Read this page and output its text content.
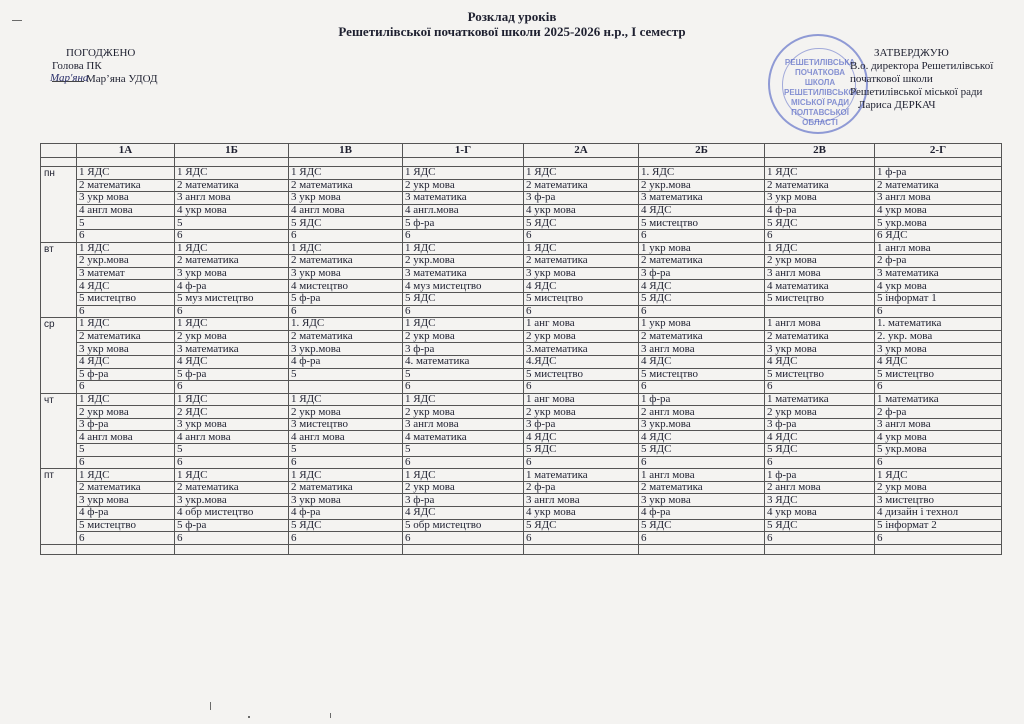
Розклад уроків
Решетилівської початкової школи 2025-2026 н.р., І семестр
ПОГОДЖЕНО
Голова ПК
Мар'яна
Мар’яна УДОД
РЕШЕТИЛІВСЬКА
ПОЧАТКОВА ШКОЛА
РЕШЕТИЛІВСЬКОЇ
МІСЬКОЇ РАДИ
ПОЛТАВСЬКОЇ
ОБЛАСТІ
ЗАТВЕРДЖУЮ
В.о. директора Решетилівської
початкової школи
Решетилівської міської ради
Лариса ДЕРКАЧ
	1А	1Б	1В	1-Г	2А	2Б	2В	2-Г

пн	1 ЯДС	1 ЯДС	1 ЯДС	1 ЯДС	1 ЯДС	1. ЯДС	1 ЯДС	1 ф-ра
	2 математика	2 математика	2 математика	2 укр мова	2 математика	2 укр.мова	2 математика	2 математика
	3 укр мова	3 англ мова	3 укр мова	3 математика	3 ф-ра	3 математика	3 укр мова	3 англ мова
	4 англ мова	4 укр мова	4 англ мова	4 англ.мова	4 укр мова	4 ЯДС	4 ф-ра	4 укр мова
	5	5	5 ЯДС	5 ф-ра	5 ЯДС	5 мистецтво	5 ЯДС	5 укр.мова
	6	6	6	6	6	6	6	6 ЯДС
вт	1 ЯДС	1 ЯДС	1 ЯДС	1 ЯДС	1 ЯДС	1 укр мова	1 ЯДС	1 англ мова
	2 укр.мова	2 математика	2 математика	2 укр.мова	2 математика	2 математика	2 укр мова	2 ф-ра
	3 математ	3 укр мова	3 укр мова	3 математика	3 укр мова	3 ф-ра	3 англ мова	3 математика
	4 ЯДС	4 ф-ра	4 мистецтво	4 муз мистецтво	4 ЯДС	4 ЯДС	4 математика	4 укр мова
	5 мистецтво	5 муз мистецтво	5 ф-ра	5 ЯДС	5 мистецтво	5 ЯДС	5 мистецтво	5 інформат 1
	6	6	6	6	6	6		6
ср	1 ЯДС	1 ЯДС	1. ЯДС	1 ЯДС	1 анг мова	1 укр мова	1 англ мова	1. математика
	2 математика	2 укр мова	2 математика	2 укр мова	2 укр мова	2 математика	2 математика	2. укр. мова
	3 укр мова	3 математика	3 укр.мова	3 ф-ра	3.математика	3 англ мова	3 укр мова	3 укр мова
	4 ЯДС	4 ЯДС	4 ф-ра	4. математика	4.ЯДС	4 ЯДС	4 ЯДС	4 ЯДС
	5 ф-ра	5 ф-ра	5	5	5 мистецтво	5 мистецтво	5 мистецтво	5 мистецтво
	6	6		6	6	6	6	6
чт	1 ЯДС	1 ЯДС	1 ЯДС	1 ЯДС	1 анг мова	1 ф-ра	1 математика	1 математика
	2 укр мова	2 ЯДС	2 укр мова	2 укр мова	2 укр мова	2 англ мова	2 укр мова	2 ф-ра
	3 ф-ра	3 укр мова	3 мистецтво	3 англ мова	3 ф-ра	3 укр.мова	3 ф-ра	3 англ мова
	4 англ мова	4 англ мова	4 англ мова	4 математика	4 ЯДС	4 ЯДС	4 ЯДС	4 укр мова
	5	5	5	5	5 ЯДС	5 ЯДС	5 ЯДС	5 укр.мова
	6	6	6	6	6	6	6	6
пт	1 ЯДС	1 ЯДС	1 ЯДС	1 ЯДС	1 математика	1 англ мова	1 ф-ра	1 ЯДС
	2 математика	2 математика	2 математика	2 укр мова	2 ф-ра	2 математика	2 англ мова	2 укр мова
	3 укр мова	3 укр.мова	3 укр мова	3 ф-ра	3 англ мова	3 укр мова	3 ЯДС	3 мистецтво
	4 ф-ра	4 обр мистецтво	4 ф-ра	4 ЯДС	4 укр мова	4 ф-ра	4 укр мова	4 дизайн і технол
	5 мистецтво	5 ф-ра	5 ЯДС	5 обр мистецтво	5 ЯДС	5 ЯДС	5 ЯДС	5 інформат 2
	6	6	6	6	6	6	6	6
